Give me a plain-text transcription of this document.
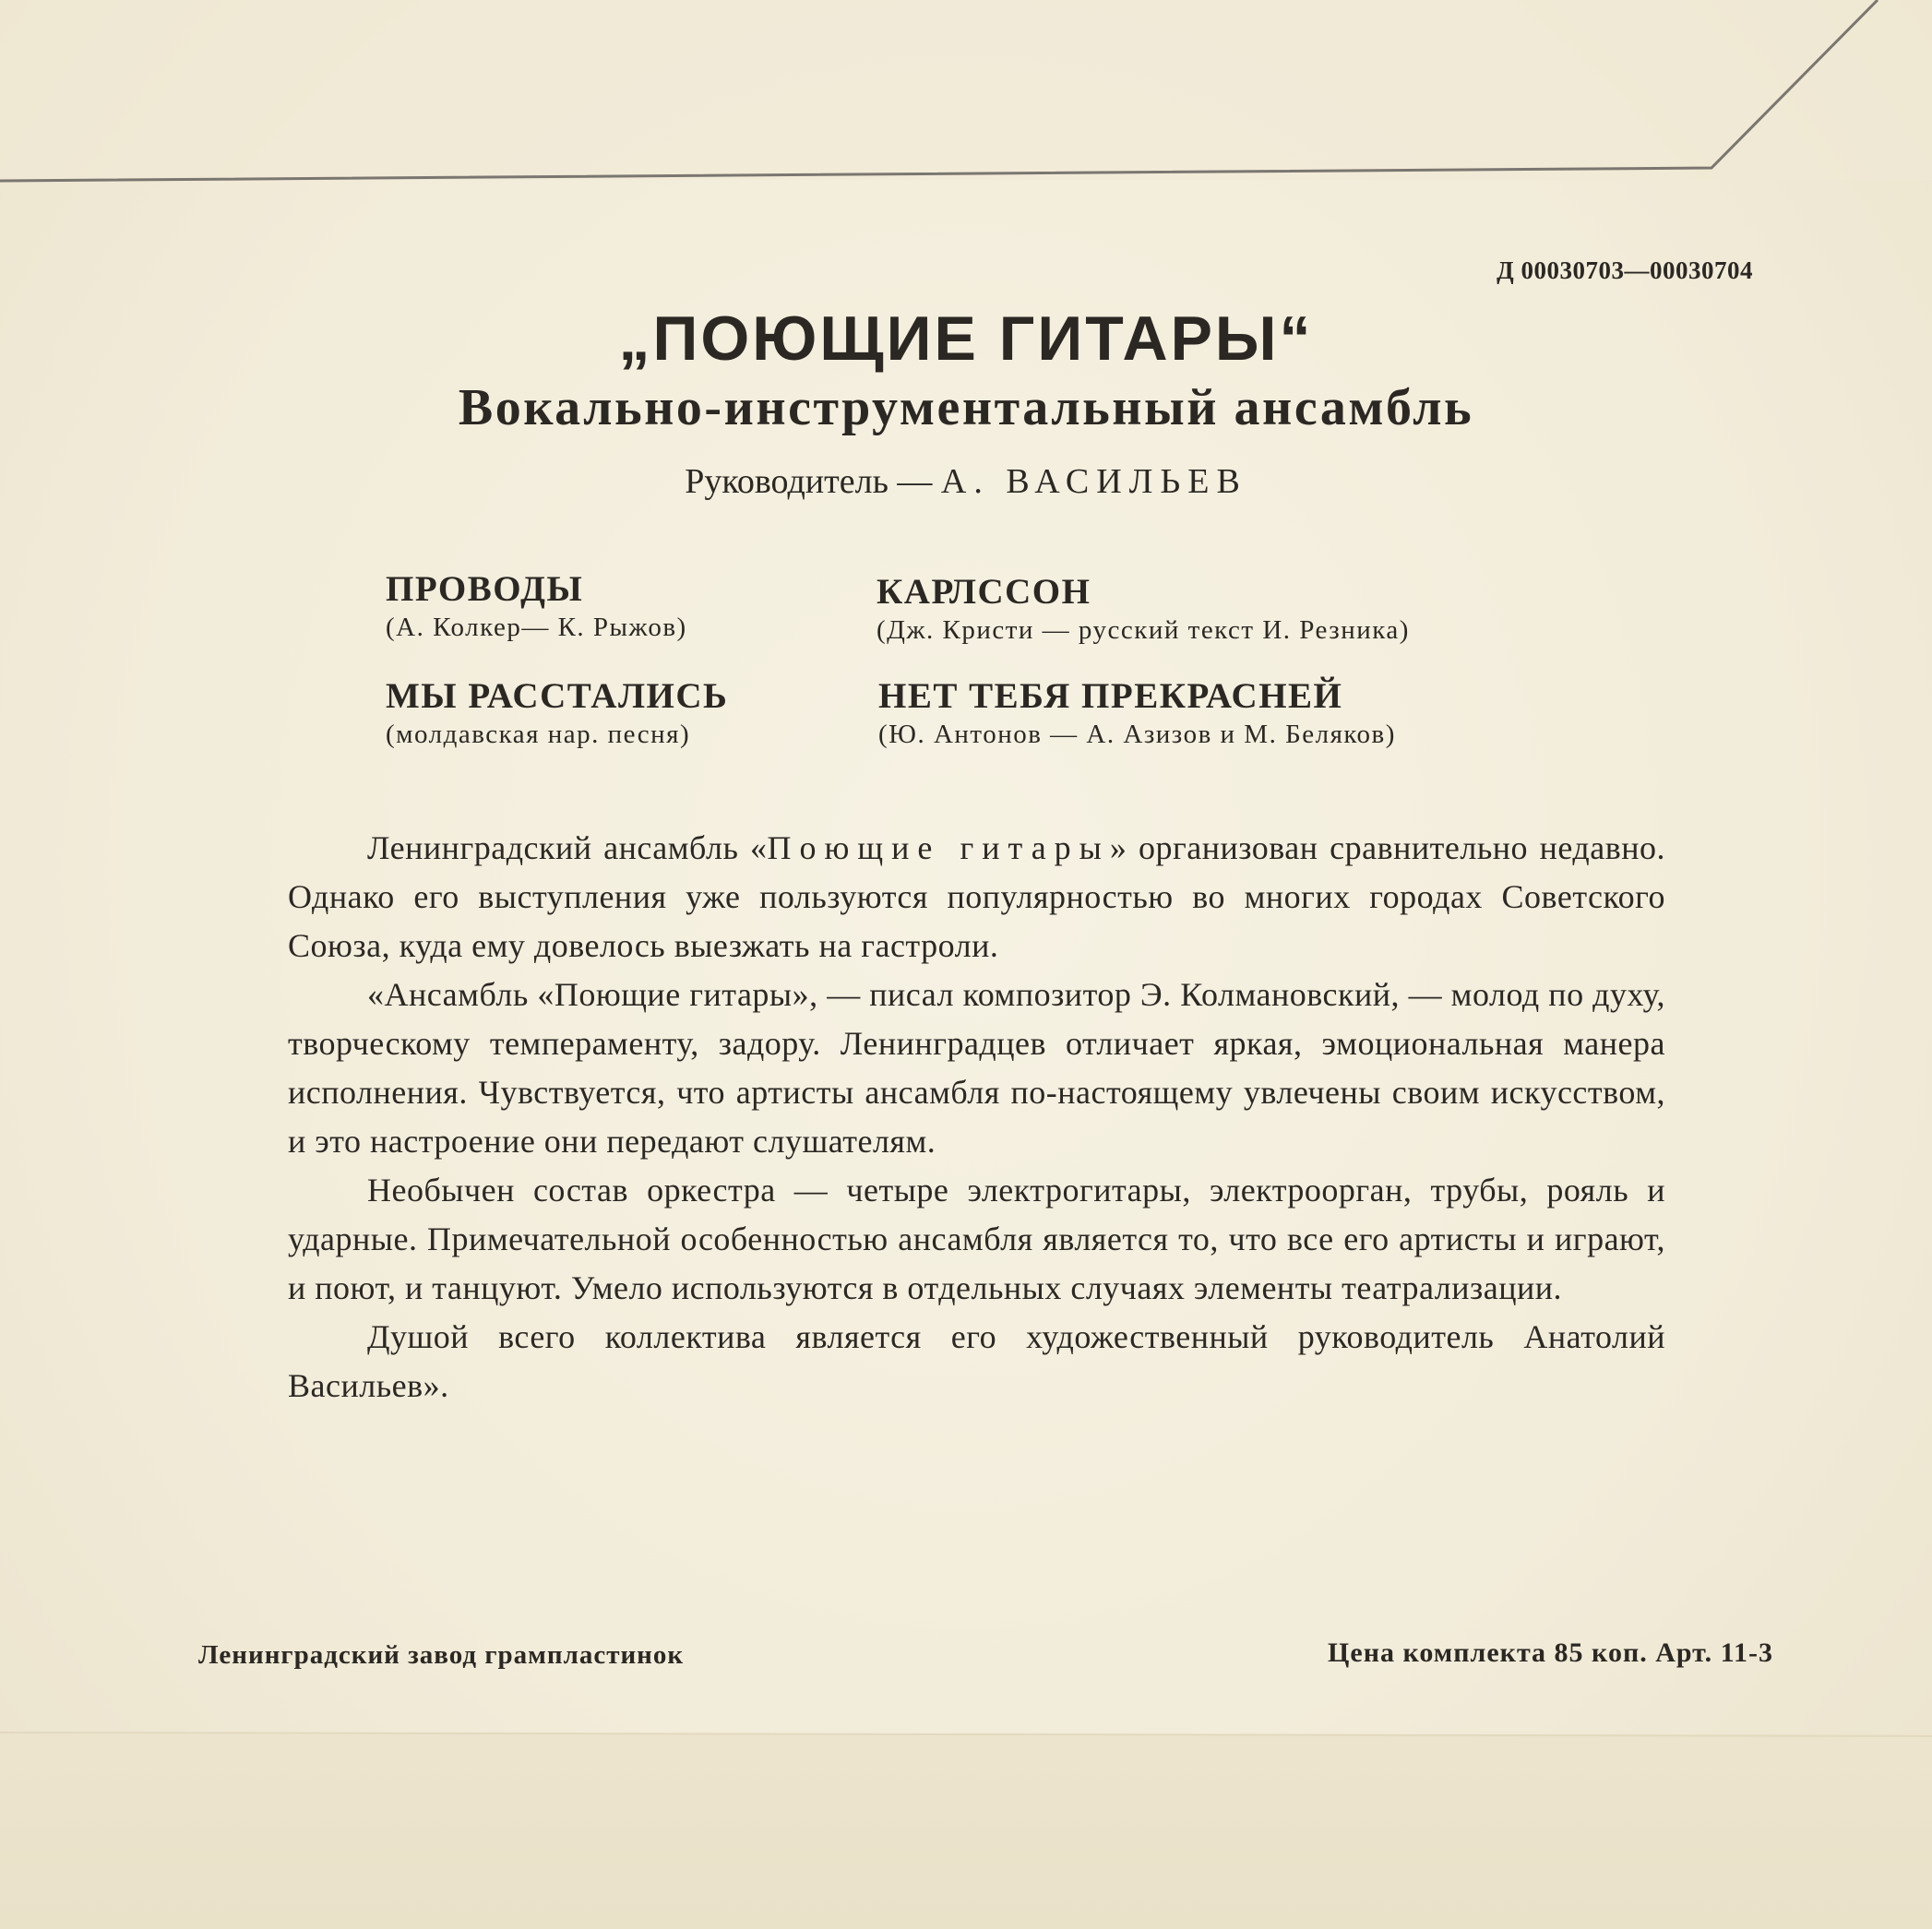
Д 00030703—00030704
„ПОЮЩИЕ ГИТАРЫ“
Вокально-инструментальный ансамбль
Руководитель — А. ВАСИЛЬЕВ
ПРОВОДЫ
(А. Колкер— К. Рыжов)
КАРЛССОН
(Дж. Кристи — русский текст И. Резника)
МЫ РАССТАЛИСЬ
(молдавская нар. песня)
НЕТ ТЕБЯ ПРЕКРАСНЕЙ
(Ю. Антонов — А. Азизов и М. Беляков)

Ленинградский ансамбль «Поющие гитары» организован сравнительно недавно. Однако его выступления уже пользуются популярностью во многих городах Советского Союза, куда ему довелось выезжать на гастроли.

«Ансамбль «Поющие гитары», — писал композитор Э. Колмановский, — молод по духу, творческому темпераменту, задору. Ленинградцев отличает яркая, эмоциональная манера исполнения. Чувствуется, что артисты ансамбля по-настоящему увлечены своим искусством, и это настроение они передают слушателям.

Необычен состав оркестра — четыре электрогитары, электроорган, трубы, рояль и ударные. Примечательной особенностью ансамбля является то, что все его артисты и играют, и поют, и танцуют. Умело используются в отдельных случаях элементы театрализации.

Душой всего коллектива является его художественный руководитель Анатолий Васильев».

Ленинградский завод грампластинок	Цена комплекта 85 коп. Арт. 11-3
